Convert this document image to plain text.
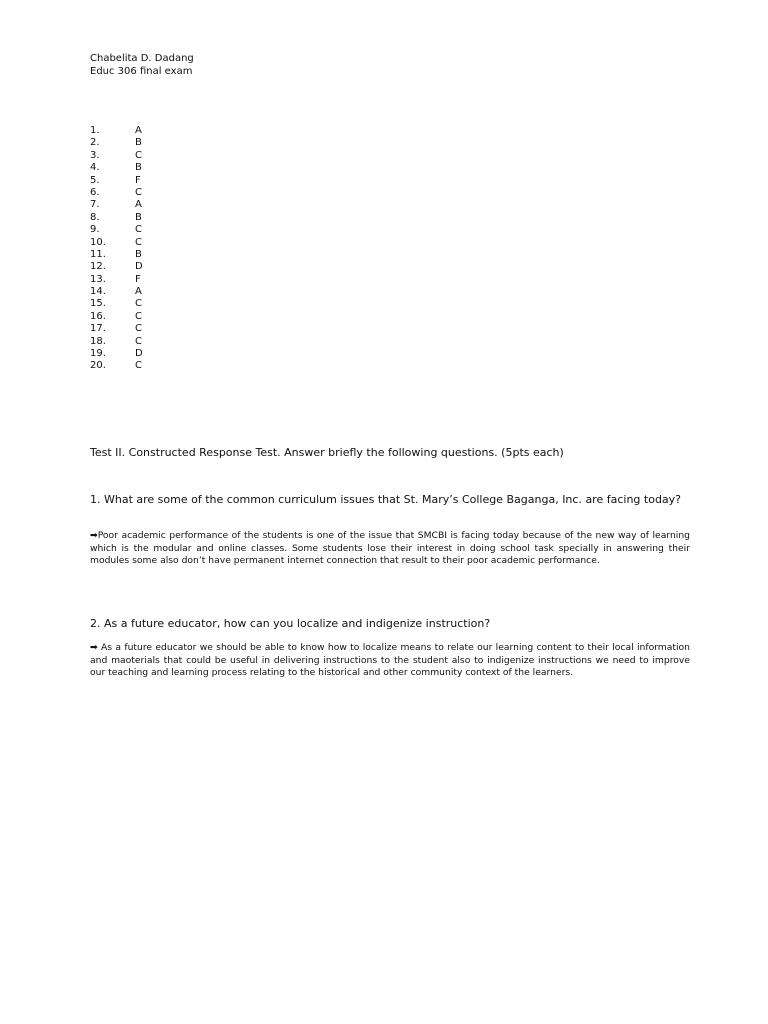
Chabelita D. Dadang
Educ 306 final exam
1.	A
2.	B
3.	C
4.	B
5.	F
6.	C
7.	A
8.	B
9.	C
10.	C
11.	B
12.	D
13.	F
14.	A
15.	C
16.	C
17.	C
18.	C
19.	D
20.	C
Test II. Constructed Response Test. Answer briefly the following questions. (5pts each)
1. What are some of the common curriculum issues that St. Mary’s College Baganga, Inc. are facing today?
➡Poor academic performance of the students is one of the issue that SMCBI is facing today because of the new way of learning which is the modular and online classes. Some students lose their interest in doing school task specially in answering their modules some also don’t have permanent internet connection that result to their poor academic performance.
2. As a future educator, how can you localize and indigenize instruction?
➡ As a future educator we should be able to know how to localize means to relate our learning content to their local information and maoterials that could be useful in delivering instructions to the student also to indigenize instructions we need to improve our teaching and learning process relating to the historical and other community context of the learners.
